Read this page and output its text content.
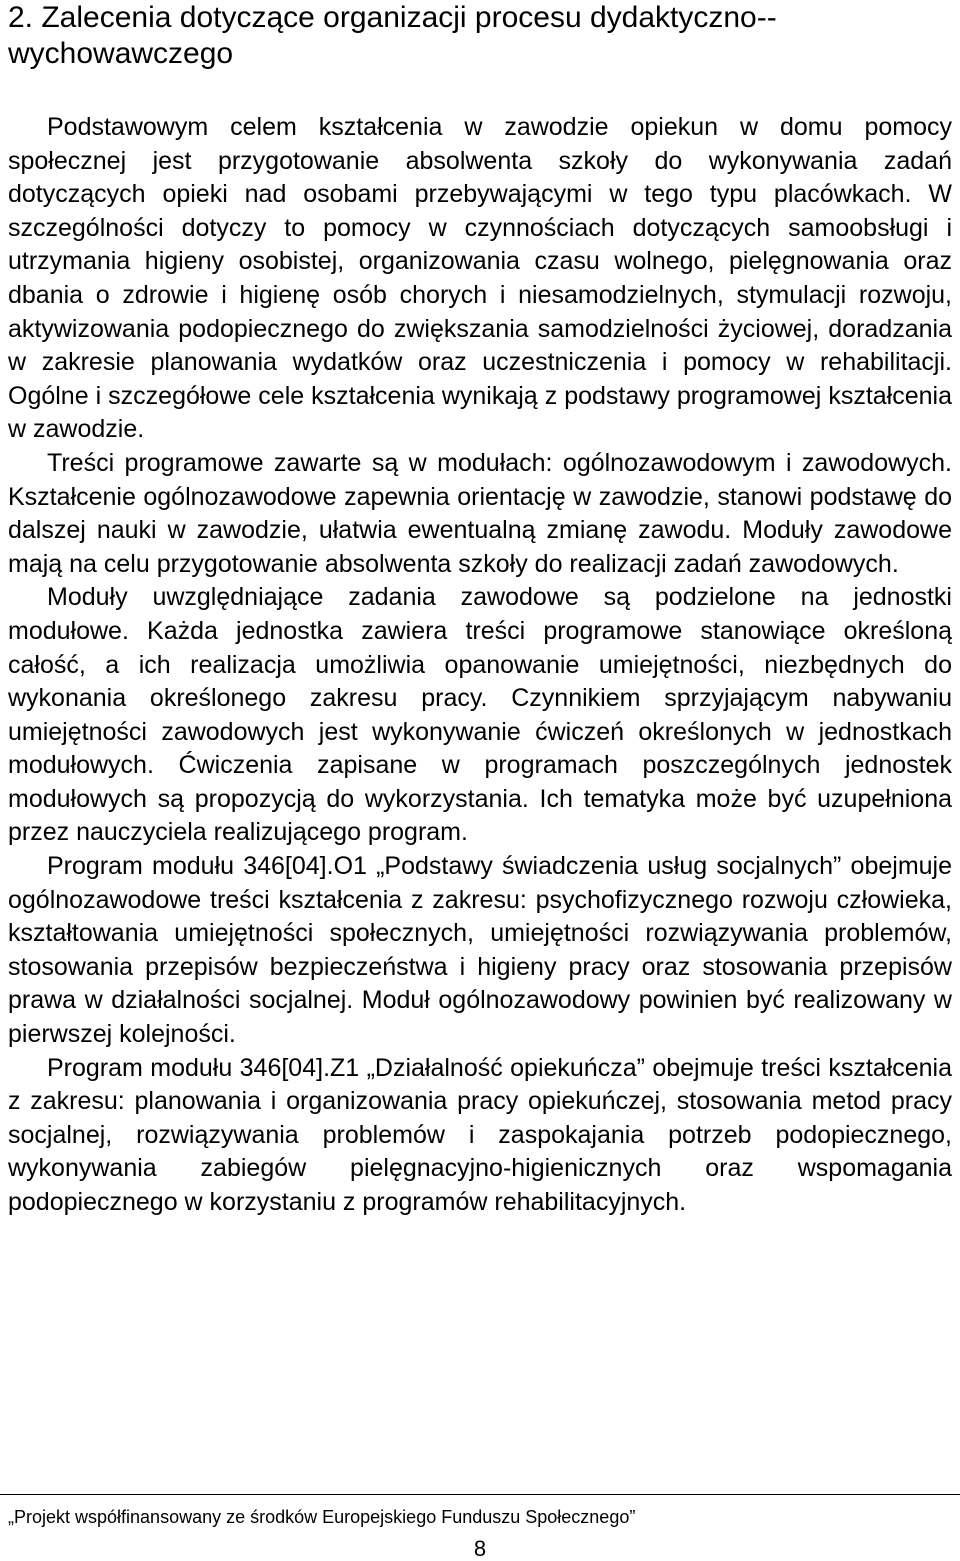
2. Zalecenia dotyczące organizacji procesu dydaktyczno--wychowawczego

Podstawowym celem kształcenia w zawodzie opiekun w domu pomocy społecznej jest przygotowanie absolwenta szkoły do wykonywania zadań dotyczących opieki nad osobami przebywającymi w tego typu placówkach. W szczególności dotyczy to pomocy w czynnościach dotyczących samoobsługi i utrzymania higieny osobistej, organizowania czasu wolnego, pielęgnowania oraz dbania o zdrowie i higienę osób chorych i niesamodzielnych, stymulacji rozwoju, aktywizowania podopiecznego do zwiększania samodzielności życiowej, doradzania w zakresie planowania wydatków oraz uczestniczenia i pomocy w rehabilitacji. Ogólne i szczegółowe cele kształcenia wynikają z podstawy programowej kształcenia w zawodzie.

Treści programowe zawarte są w modułach: ogólnozawodowym i zawodowych. Kształcenie ogólnozawodowe zapewnia orientację w zawodzie, stanowi podstawę do dalszej nauki w zawodzie, ułatwia ewentualną zmianę zawodu. Moduły zawodowe mają na celu przygotowanie absolwenta szkoły do realizacji zadań zawodowych.

Moduły uwzględniające zadania zawodowe są podzielone na jednostki modułowe. Każda jednostka zawiera treści programowe stanowiące określoną całość, a ich realizacja umożliwia opanowanie umiejętności, niezbędnych do wykonania określonego zakresu pracy. Czynnikiem sprzyjającym nabywaniu umiejętności zawodowych jest wykonywanie ćwiczeń określonych w jednostkach modułowych. Ćwiczenia zapisane w programach poszczególnych jednostek modułowych są propozycją do wykorzystania. Ich tematyka może być uzupełniona przez nauczyciela realizującego program.

Program modułu 346[04].O1 „Podstawy świadczenia usług socjalnych” obejmuje ogólnozawodowe treści kształcenia z zakresu: psychofizycznego rozwoju człowieka, kształtowania umiejętności społecznych, umiejętności rozwiązywania problemów, stosowania przepisów bezpieczeństwa i higieny pracy oraz stosowania przepisów prawa w działalności socjalnej. Moduł ogólnozawodowy powinien być realizowany w pierwszej kolejności.

Program modułu 346[04].Z1 „Działalność opiekuńcza” obejmuje treści kształcenia z zakresu: planowania i organizowania pracy opiekuńczej, stosowania metod pracy socjalnej, rozwiązywania problemów i zaspokajania potrzeb podopiecznego, wykonywania zabiegów pielęgnacyjno-higienicznych oraz wspomagania podopiecznego w korzystaniu z programów rehabilitacyjnych.

„Projekt współfinansowany ze środków Europejskiego Funduszu Społecznego”
8
